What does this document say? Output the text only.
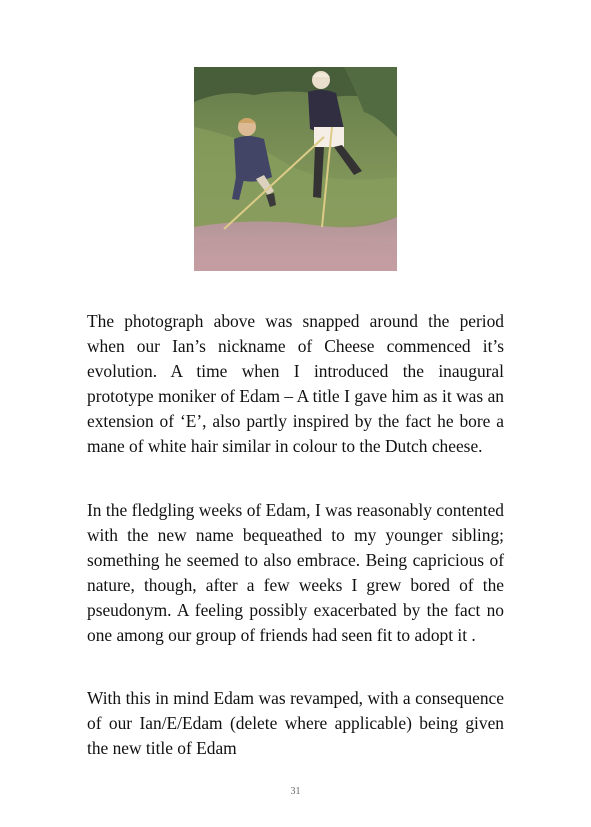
The photograph above was snapped around the period when our Ian’s nickname of Cheese commenced it’s evolution. A time when I introduced the inaugural prototype moniker of Edam – A title I gave him as it was an extension of ‘E’, also partly inspired by the fact he bore a mane of white hair similar in colour to the Dutch cheese.

In the fledgling weeks of Edam, I was reasonably contented with the new name bequeathed to my younger sibling; something he seemed to also embrace. Being capricious of nature, though, after a few weeks I grew bored of the pseudonym. A feeling possibly exacerbated by the fact no one among our group of friends had seen fit to adopt it .

With this in mind Edam was revamped, with a consequence of our Ian/E/Edam (delete where applicable) being given the new title of Edam

31
